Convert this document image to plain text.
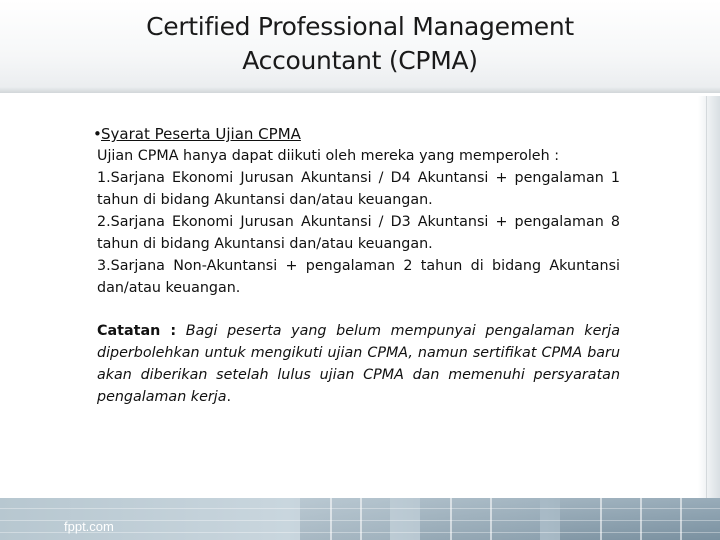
Certified Professional Management Accountant (CPMA)
•Syarat Peserta Ujian CPMA

Ujian CPMA hanya dapat diikuti oleh mereka yang memperoleh :

1.Sarjana Ekonomi Jurusan Akuntansi / D4 Akuntansi + pengalaman 1 tahun di bidang Akuntansi dan/atau keuangan.

2.Sarjana Ekonomi Jurusan Akuntansi / D3 Akuntansi + pengalaman 8 tahun di bidang Akuntansi dan/atau keuangan.

3.Sarjana Non-Akuntansi + pengalaman 2 tahun di bidang Akuntansi dan/atau keuangan.

Catatan : Bagi peserta yang belum mempunyai pengalaman kerja diperbolehkan untuk mengikuti ujian CPMA, namun sertifikat CPMA baru akan diberikan setelah lulus ujian CPMA dan memenuhi persyaratan pengalaman kerja.
fppt.com
